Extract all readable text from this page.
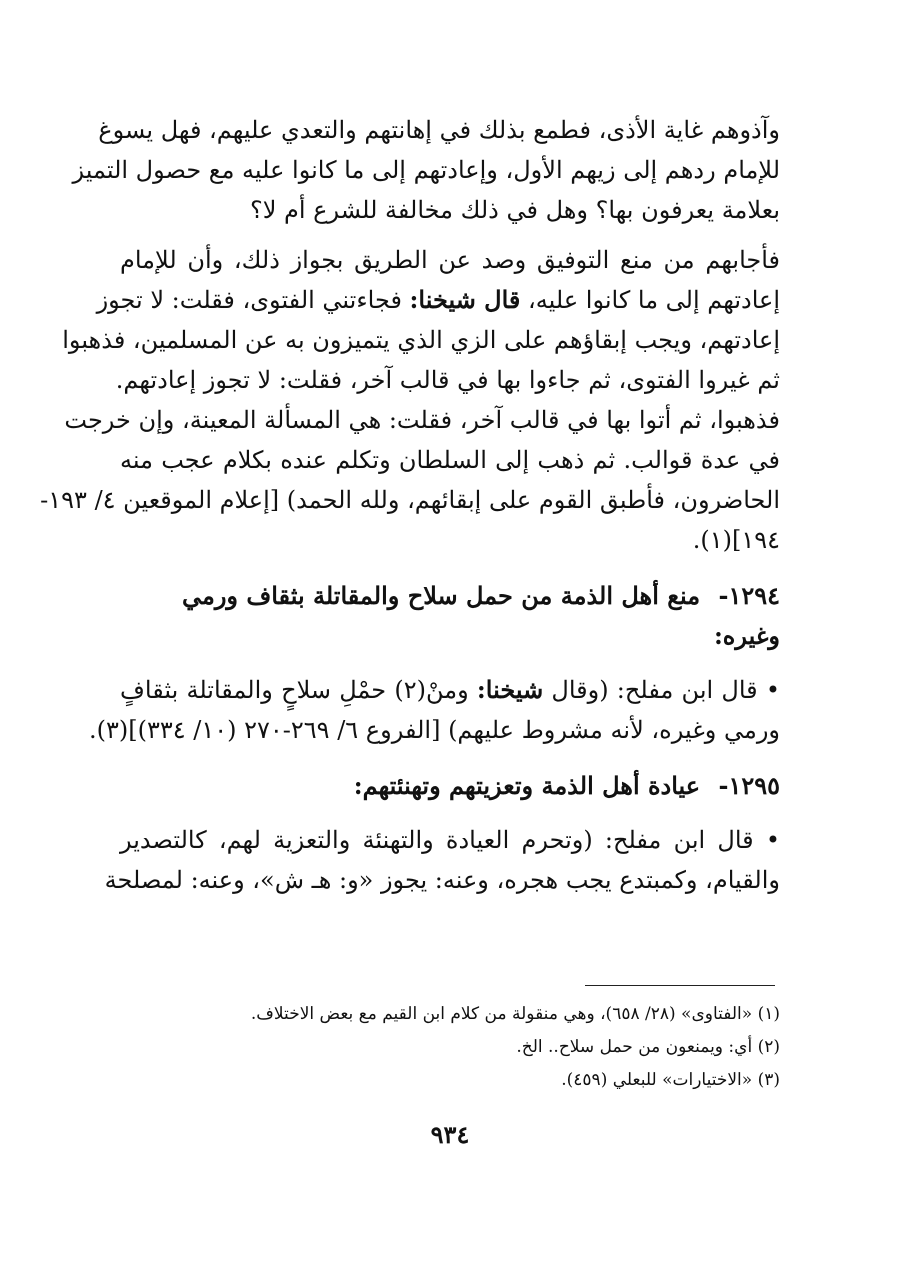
وآذوهم غاية الأذى، فطمع بذلك في إهانتهم والتعدي عليهم، فهل يسوغ
للإمام ردهم إلى زيهم الأول، وإعادتهم إلى ما كانوا عليه مع حصول التميز
بعلامة يعرفون بها؟ وهل في ذلك مخالفة للشرع أم لا؟
فأجابهم من منع التوفيق وصد عن الطريق بجواز ذلك، وأن للإمام
إعادتهم إلى ما كانوا عليه، قال شيخنا: فجاءتني الفتوى، فقلت: لا تجوز
إعادتهم، ويجب إبقاؤهم على الزي الذي يتميزون به عن المسلمين، فذهبوا
ثم غيروا الفتوى، ثم جاءوا بها في قالب آخر، فقلت: لا تجوز إعادتهم.
فذهبوا، ثم أتوا بها في قالب آخر، فقلت: هي المسألة المعينة، وإن خرجت
في عدة قوالب. ثم ذهب إلى السلطان وتكلم عنده بكلام عجب منه
الحاضرون، فأطبق القوم على إبقائهم، ولله الحمد) [إعلام الموقعين ٤/ ١٩٣-
١٩٤](١).
١٢٩٤- منع أهل الذمة من حمل سلاح والمقاتلة بثقاف ورمي وغيره:
• قال ابن مفلح: (وقال شيخنا: ومنْ(٢) حمْلِ سلاحٍ والمقاتلة بثقافٍ
ورمي وغيره، لأنه مشروط عليهم) [الفروع ٦/ ٢٦٩-٢٧٠ (١٠/ ٣٣٤)](٣).
١٢٩٥- عيادة أهل الذمة وتعزيتهم وتهنئتهم:
• قال ابن مفلح: (وتحرم العيادة والتهنئة والتعزية لهم، كالتصدير
والقيام، وكمبتدع يجب هجره، وعنه: يجوز «و: هـ ش»، وعنه: لمصلحة
(١) «الفتاوى» (٢٨/ ٦٥٨)، وهي منقولة من كلام ابن القيم مع بعض الاختلاف.
(٢) أي: ويمنعون من حمل سلاح.. الخ.
(٣) «الاختيارات» للبعلي (٤٥٩).
٩٣٤
